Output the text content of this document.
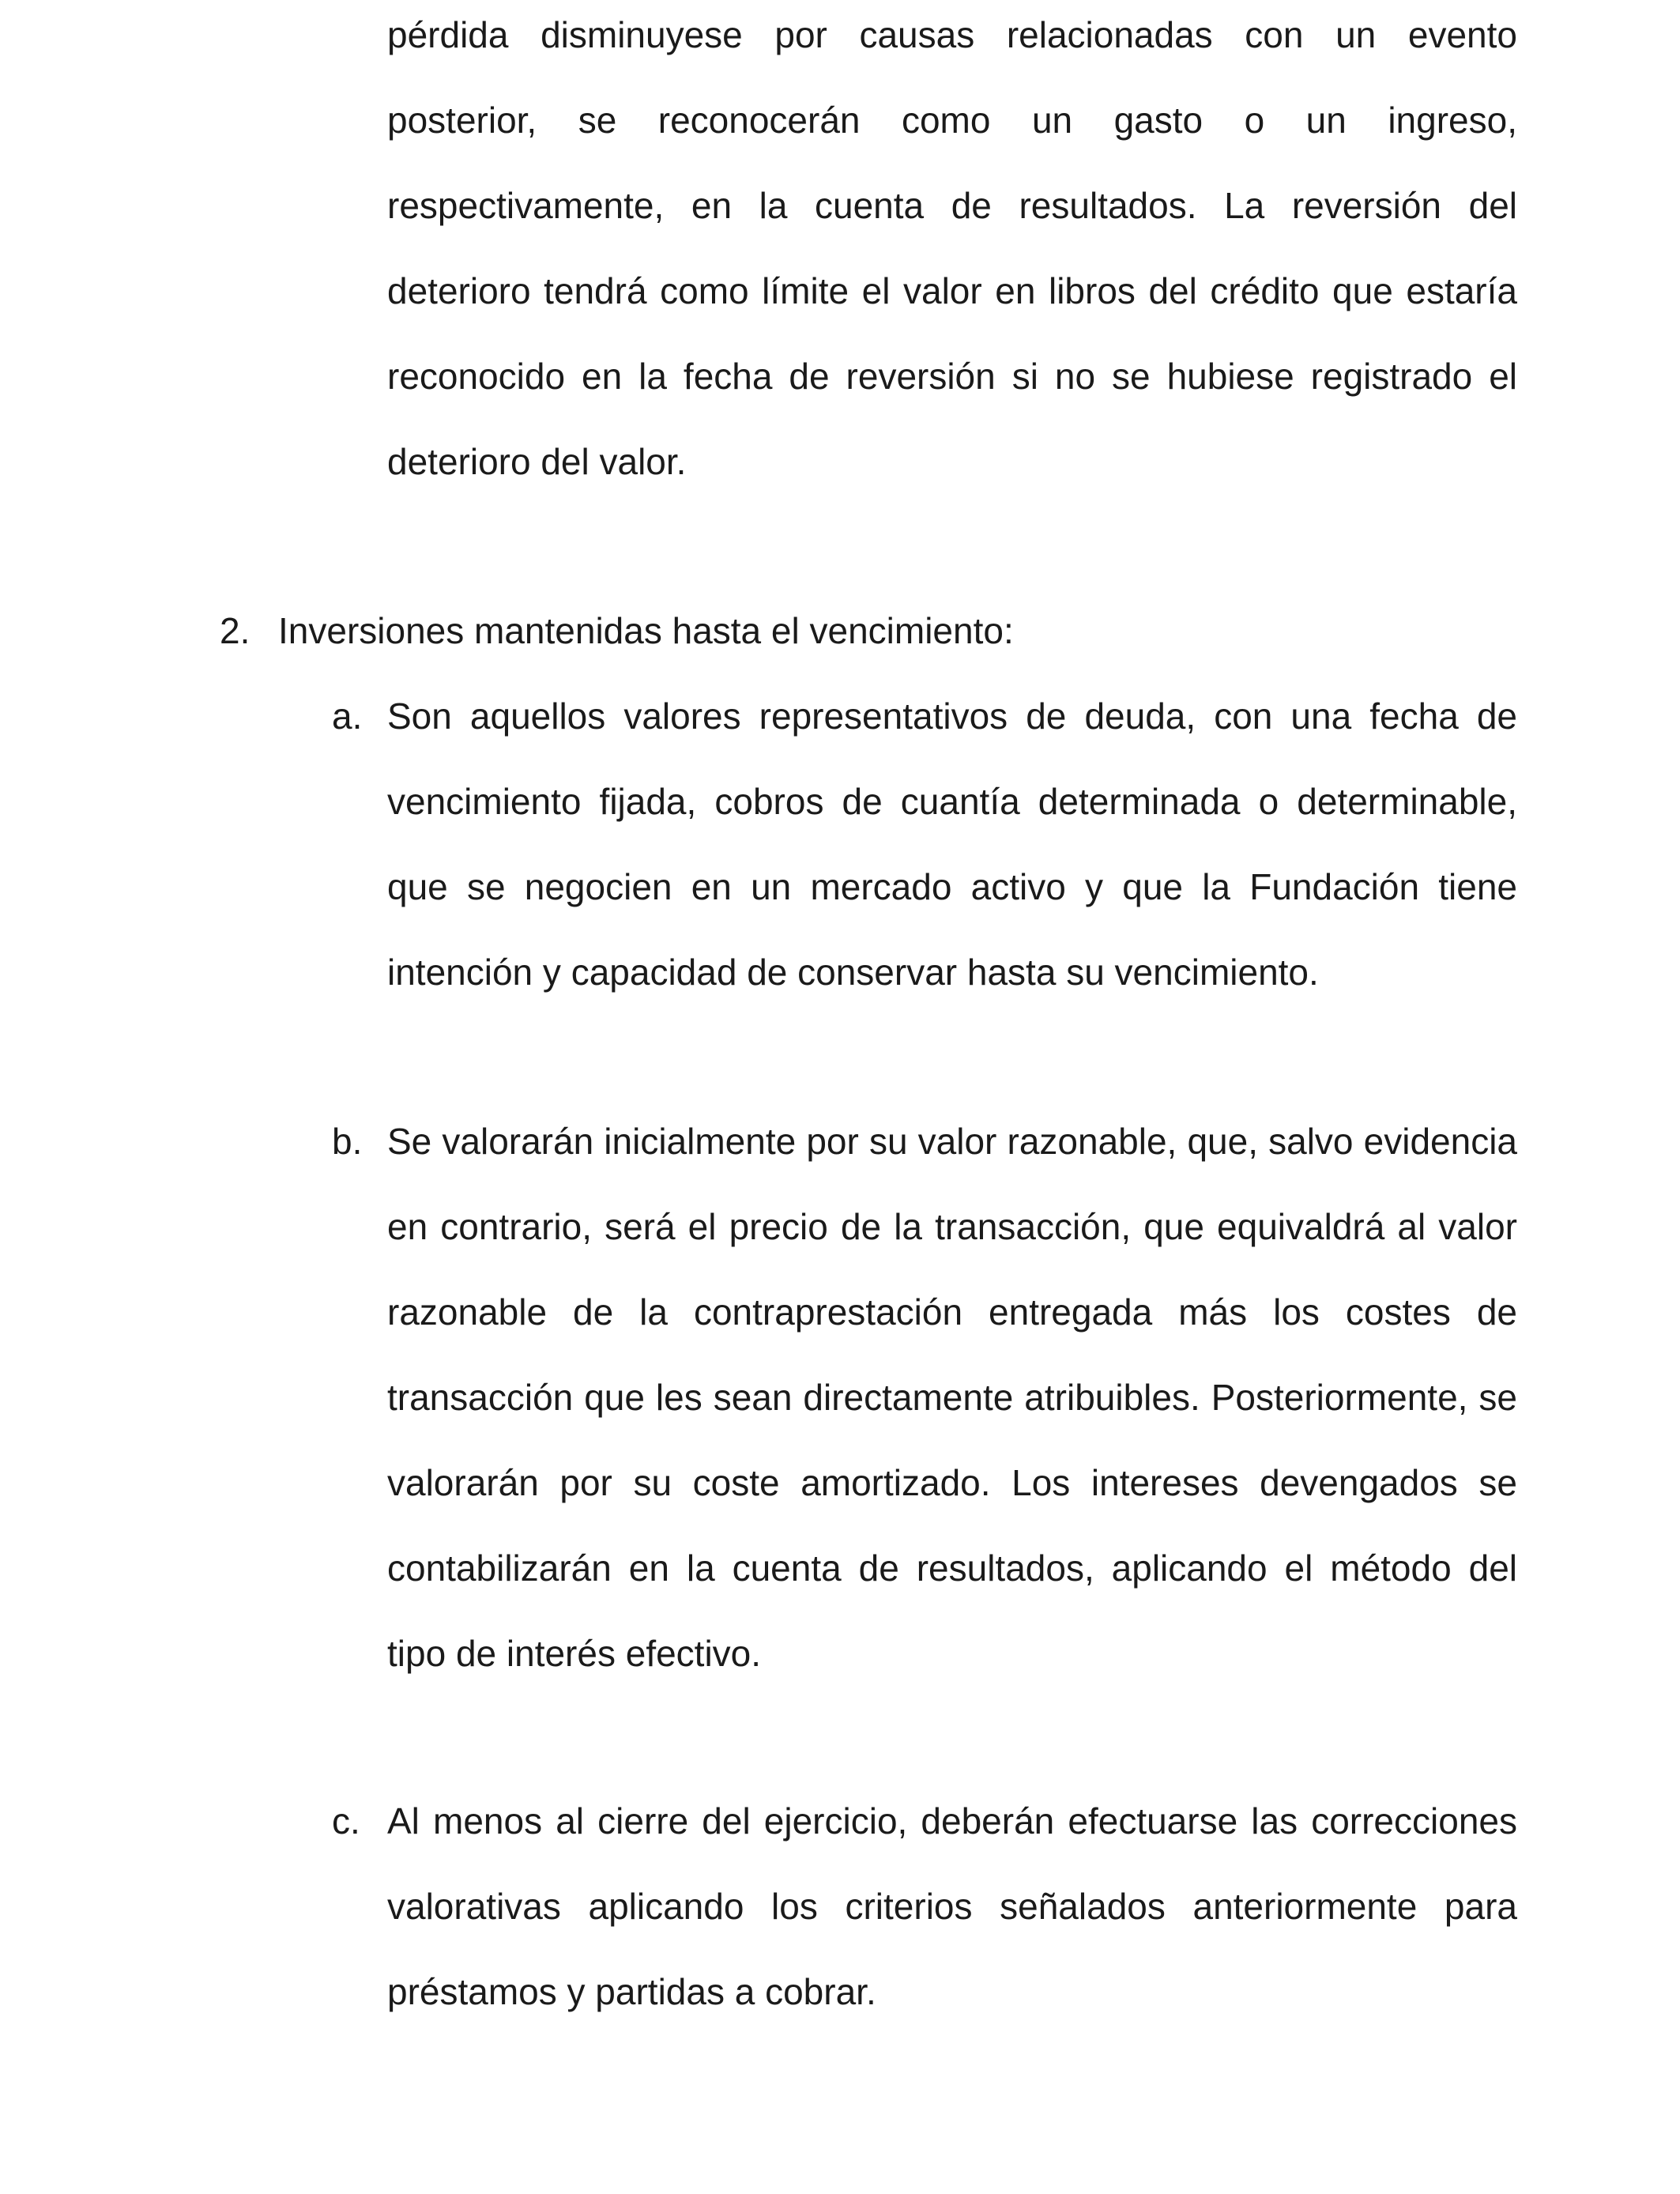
pérdida disminuyese por causas relacionadas con un evento posterior, se reconocerán como un gasto o un ingreso, respectivamente, en la cuenta de resultados. La reversión del deterioro tendrá como límite el valor en libros del crédito que estaría reconocido en la fecha de reversión si no se hubiese registrado el deterioro del valor.

2. Inversiones mantenidas hasta el vencimiento:
a. Son aquellos valores representativos de deuda, con una fecha de vencimiento fijada, cobros de cuantía determinada o determinable, que se negocien en un mercado activo y que la Fundación tiene intención y capacidad de conservar hasta su vencimiento.

b. Se valorarán inicialmente por su valor razonable, que, salvo evidencia en contrario, será el precio de la transacción, que equivaldrá al valor razonable de la contraprestación entregada más los costes de transacción que les sean directamente atribuibles. Posteriormente, se valorarán por su coste amortizado. Los intereses devengados se contabilizarán en la cuenta de resultados, aplicando el método del tipo de interés efectivo.

c. Al menos al cierre del ejercicio, deberán efectuarse las correcciones valorativas aplicando los criterios señalados anteriormente para préstamos y partidas a cobrar.
